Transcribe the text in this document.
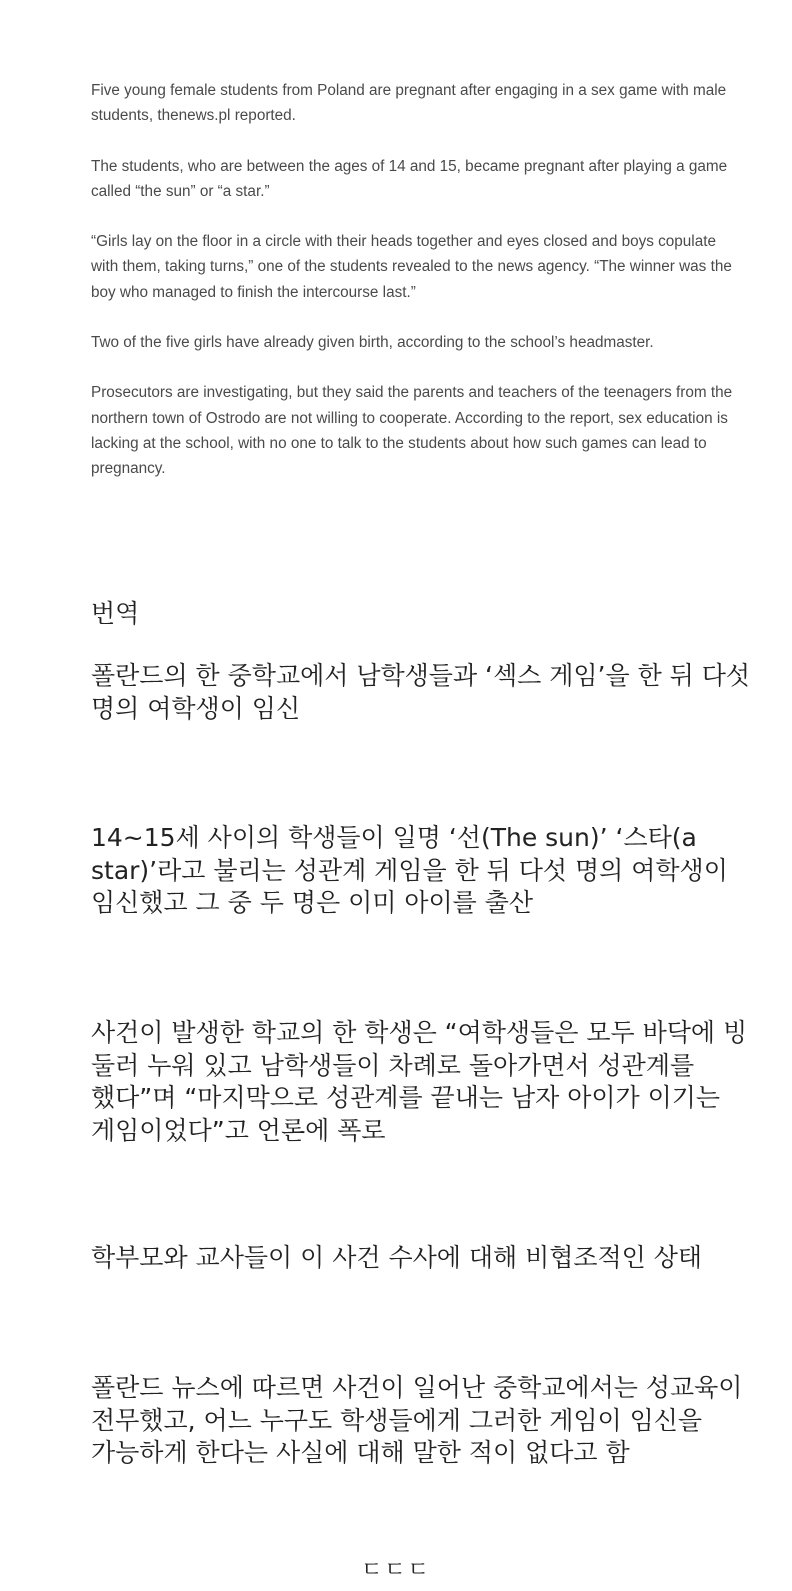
Five young female students from Poland are pregnant after engaging in a sex game with male students, thenews.pl reported.

The students, who are between the ages of 14 and 15, became pregnant after playing a game called “the sun” or “a star.”

“Girls lay on the floor in a circle with their heads together and eyes closed and boys copulate with them, taking turns,” one of the students revealed to the news agency. “The winner was the boy who managed to finish the intercourse last.”

Two of the five girls have already given birth, according to the school’s headmaster.

Prosecutors are investigating, but they said the parents and teachers of the teenagers from the northern town of Ostrodo are not willing to cooperate. According to the report, sex education is lacking at the school, with no one to talk to the students about how such games can lead to pregnancy.

번역

폴란드의 한 중학교에서 남학생들과 ‘섹스 게임’을 한 뒤 다섯 명의 여학생이 임신

14~15세 사이의 학생들이 일명 ‘선(The sun)’ ‘스타(a star)’라고 불리는 성관계 게임을 한 뒤 다섯 명의 여학생이 임신했고 그 중 두 명은 이미 아이를 출산

사건이 발생한 학교의 한 학생은 “여학생들은 모두 바닥에 빙 둘러 누워 있고 남학생들이 차례로 돌아가면서 성관계를 했다”며 “마지막으로 성관계를 끝내는 남자 아이가 이기는 게임이었다”고 언론에 폭로

학부모와 교사들이 이 사건 수사에 대해 비협조적인 상태

폴란드 뉴스에 따르면 사건이 일어난 중학교에서는 성교육이 전무했고, 어느 누구도 학생들에게 그러한 게임이 임신을 가능하게 한다는 사실에 대해 말한 적이 없다고 함

ㄷㄷㄷ
